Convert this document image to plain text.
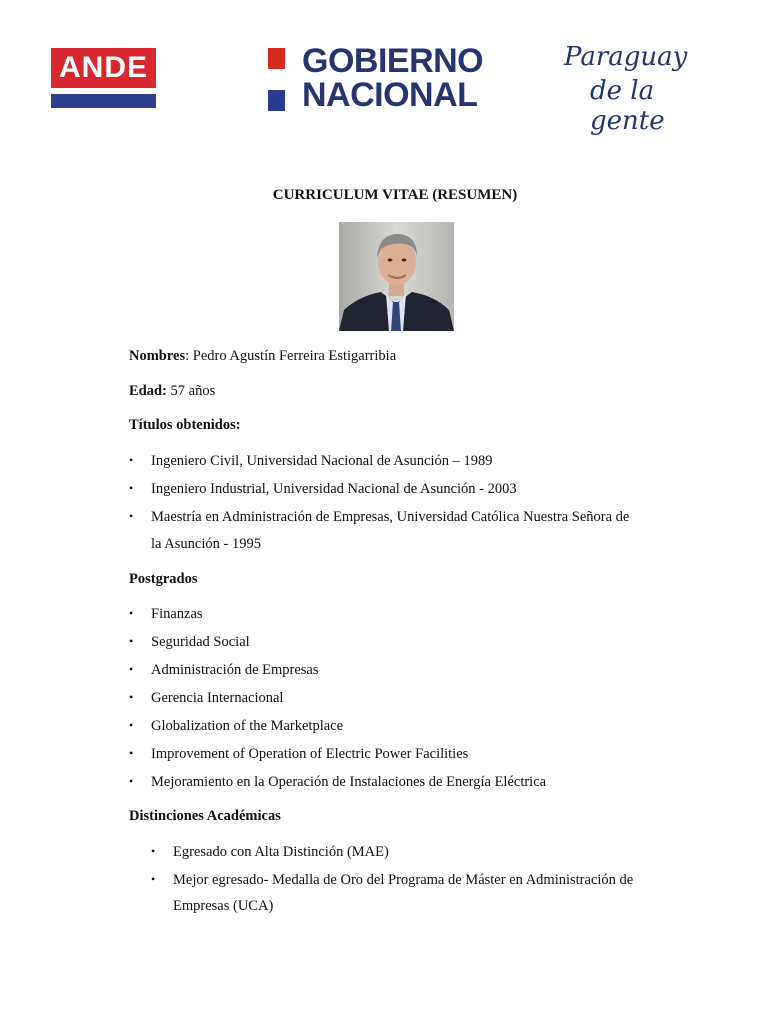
ANDE	GOBIERNO
NACIONAL
Paraguay
de la gente
CURRICULUM VITAE (RESUMEN)
Nombres: Pedro Agustín Ferreira Estigarribia
Edad: 57 años
Títulos obtenidos:
• Ingeniero Civil, Universidad Nacional de Asunción – 1989
• Ingeniero Industrial, Universidad Nacional de Asunción - 2003
• Maestría en Administración de Empresas, Universidad Católica Nuestra Señora de
la Asunción - 1995
Postgrados
• Finanzas
• Seguridad Social
• Administración de Empresas
• Gerencia Internacional
• Globalization of the Marketplace
• Improvement of Operation of Electric Power Facilities
• Mejoramiento en la Operación de Instalaciones de Energía Eléctrica
Distinciones Académicas
• Egresado con Alta Distinción (MAE)
• Mejor egresado- Medalla de Oro del Programa de Máster en Administración de
Empresas (UCA)
